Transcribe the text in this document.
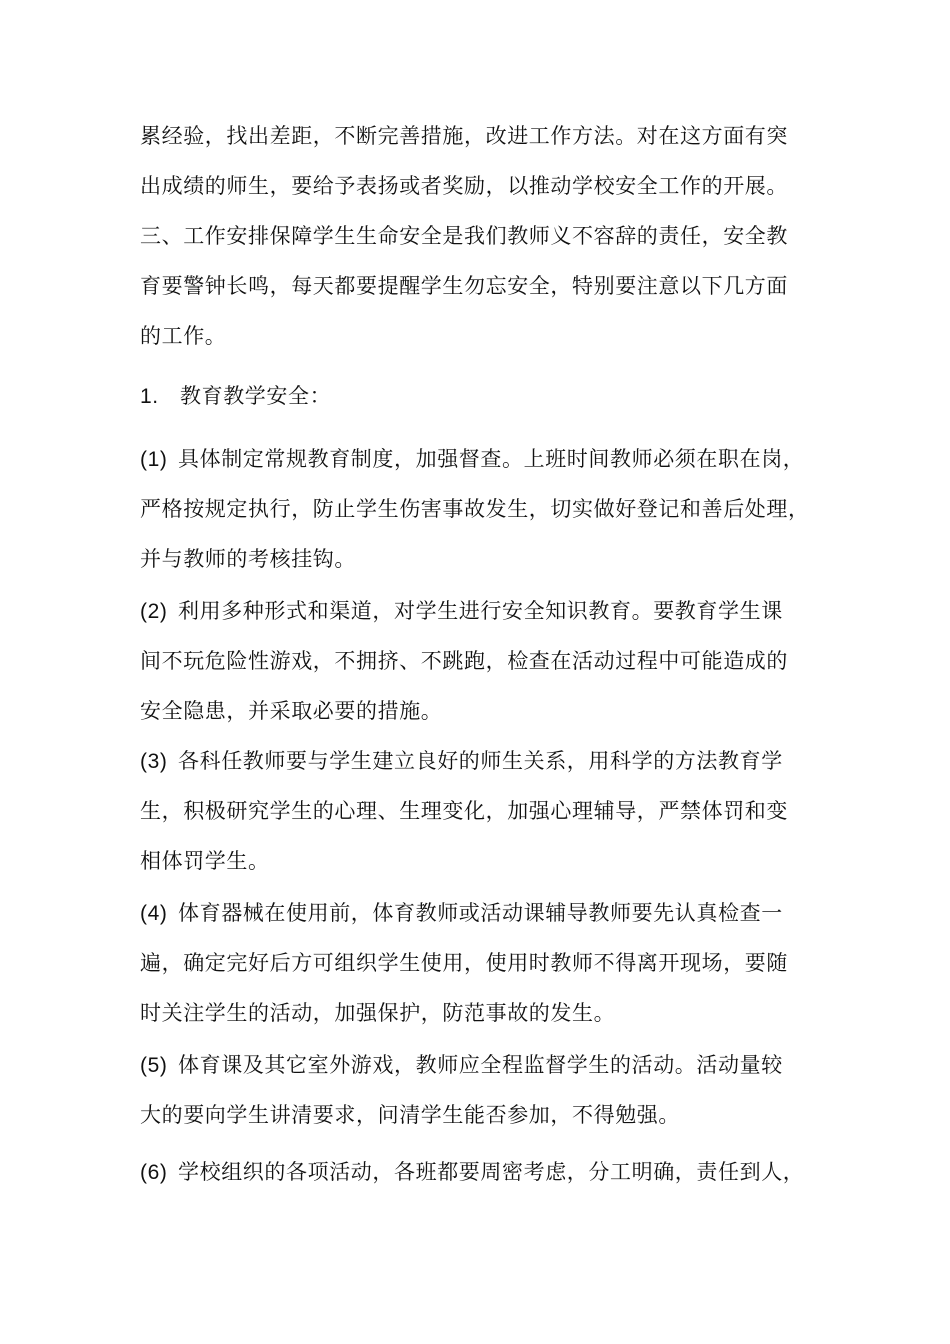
累经验，找出差距，不断完善措施，改进工作方法。对在这方面有突
出成绩的师生，要给予表扬或者奖励，以推动学校安全工作的开展。
三、工作安排保障学生生命安全是我们教师义不容辞的责任，安全教
育要警钟长鸣，每天都要提醒学生勿忘安全，特别要注意以下几方面
的工作。
1. 教育教学安全：
(1) 具体制定常规教育制度，加强督查。上班时间教师必须在职在岗，
严格按规定执行，防止学生伤害事故发生，切实做好登记和善后处理，
并与教师的考核挂钩。
(2) 利用多种形式和渠道，对学生进行安全知识教育。要教育学生课
间不玩危险性游戏，不拥挤、不跳跑，检查在活动过程中可能造成的
安全隐患，并采取必要的措施。
(3) 各科任教师要与学生建立良好的师生关系，用科学的方法教育学
生，积极研究学生的心理、生理变化，加强心理辅导，严禁体罚和变
相体罚学生。
(4) 体育器械在使用前，体育教师或活动课辅导教师要先认真检查一
遍，确定完好后方可组织学生使用，使用时教师不得离开现场，要随
时关注学生的活动，加强保护，防范事故的发生。
(5) 体育课及其它室外游戏，教师应全程监督学生的活动。活动量较
大的要向学生讲清要求，问清学生能否参加，不得勉强。
(6) 学校组织的各项活动，各班都要周密考虑，分工明确，责任到人，
